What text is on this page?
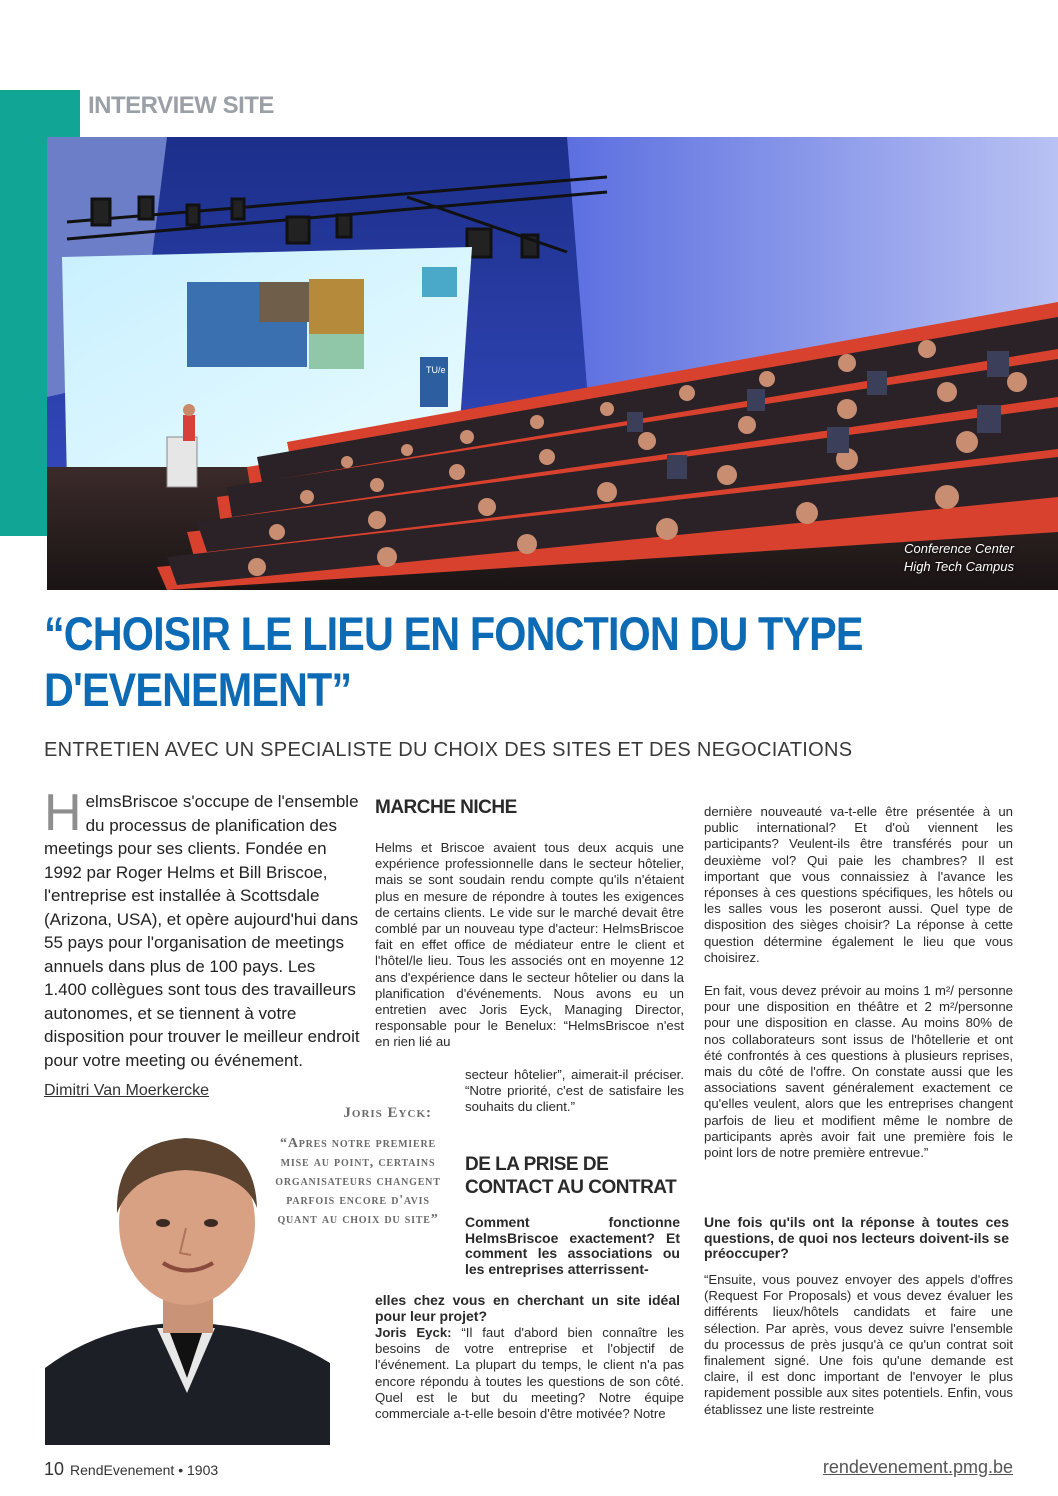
INTERVIEW SITE
TU/e
Conference Center
High Tech Campus
“CHOISIR LE LIEU EN FONCTION DU TYPE D'EVENEMENT”
ENTRETIEN AVEC UN SPECIALISTE DU CHOIX DES SITES ET DES NEGOCIATIONS
HelmsBriscoe s'occupe de l'ensemble du processus de planification des meetings pour ses clients. Fondée en 1992 par Roger Helms et Bill Briscoe, l'entreprise est installée à Scottsdale (Arizona, USA), et opère aujourd'hui dans 55 pays pour l'organisation de meetings annuels dans plus de 100 pays. Les 1.400 collègues sont tous des travailleurs autonomes, et se tiennent à votre disposition pour trouver le meilleur endroit pour votre meeting ou événement.
Dimitri Van Moerkercke
Joris Eyck:
“Apres notre premiere mise au point, certains organisateurs changent parfois encore d'avis quant au choix du site”
MARCHE NICHE
Helms et Briscoe avaient tous deux acquis une expérience professionnelle dans le secteur hôtelier, mais se sont soudain rendu compte qu'ils n'étaient plus en mesure de répondre à toutes les exigences de certains clients. Le vide sur le marché devait être comblé par un nouveau type d'acteur: HelmsBriscoe fait en effet office de médiateur entre le client et l'hôtel/le lieu. Tous les associés ont en moyenne 12 ans d'expérience dans le secteur hôtelier ou dans la planification d'événements. Nous avons eu un entretien avec Joris Eyck, Managing Director, responsable pour le Benelux: “HelmsBriscoe n'est en rien lié au
secteur hôtelier”, aimerait-il préciser. “Notre priorité, c'est de satisfaire les souhaits du client.”
DE LA PRISE DE CONTACT AU CONTRAT
Comment fonctionne HelmsBriscoe exactement? Et comment les associations ou les entreprises atterrissent-
elles chez vous en cherchant un site idéal pour leur projet?
Joris Eyck: “Il faut d'abord bien connaître les besoins de votre entreprise et l'objectif de l'événement. La plupart du temps, le client n'a pas encore répondu à toutes les questions de son côté. Quel est le but du meeting? Notre équipe commerciale a-t-elle besoin d'être motivée? Notre
dernière nouveauté va-t-elle être présentée à un public international? Et d'où viennent les participants? Veulent-ils être transférés pour un deuxième vol? Qui paie les chambres? Il est important que vous connaissiez à l'avance les réponses à ces questions spécifiques, les hôtels ou les salles vous les poseront aussi. Quel type de disposition des sièges choisir? La réponse à cette question détermine également le lieu que vous choisirez.
En fait, vous devez prévoir au moins 1 m²/ personne pour une disposition en théâtre et 2 m²/personne pour une disposition en classe. Au moins 80% de nos collaborateurs sont issus de l'hôtellerie et ont été confrontés à ces questions à plusieurs reprises, mais du côté de l'offre. On constate aussi que les associations savent généralement exactement ce qu'elles veulent, alors que les entreprises changent parfois de lieu et modifient même le nombre de participants après avoir fait une première fois le point lors de notre première entrevue.”
Une fois qu'ils ont la réponse à toutes ces questions, de quoi nos lecteurs doivent-ils se préoccuper?
“Ensuite, vous pouvez envoyer des appels d'offres (Request For Proposals) et vous devez évaluer les différents lieux/hôtels candidats et faire une sélection. Par après, vous devez suivre l'ensemble du processus de près jusqu'à ce qu'un contrat soit finalement signé. Une fois qu'une demande est claire, il est donc important de l'envoyer le plus rapidement possible aux sites potentiels. Enfin, vous établissez une liste restreinte
10 RendEvenement • 1903	rendevenement.pmg.be
